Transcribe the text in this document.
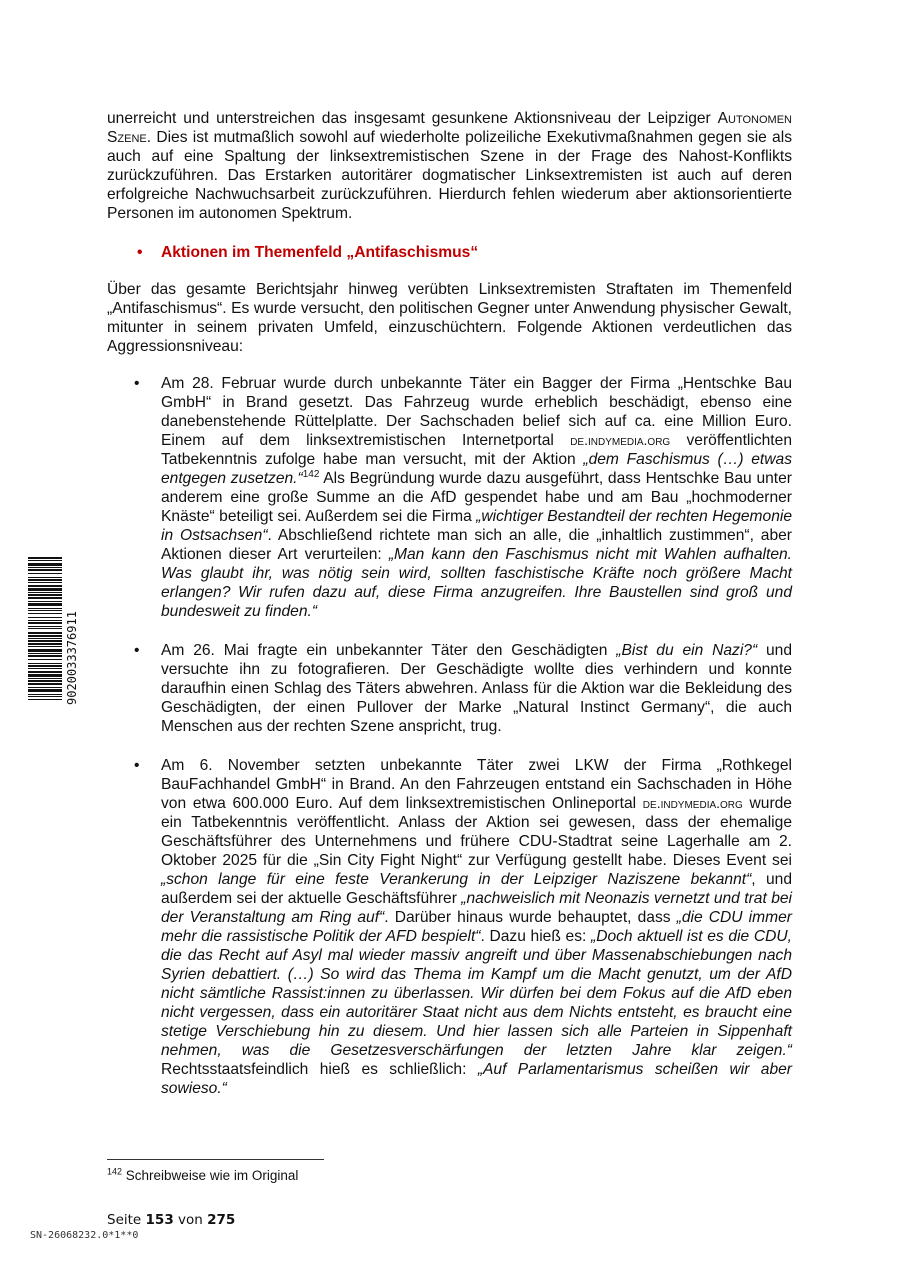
unerreicht und unterstreichen das insgesamt gesunkene Aktionsniveau der Leipziger Autonomen Szene. Dies ist mutmaßlich sowohl auf wiederholte polizeiliche Exekutivmaßnahmen gegen sie als auch auf eine Spaltung der linksextremistischen Szene in der Frage des Nahost-Konflikts zurückzuführen. Das Erstarken autoritärer dogmatischer Linksextremisten ist auch auf deren erfolgreiche Nachwuchsarbeit zurückzuführen. Hierdurch fehlen wiederum aber aktionsorientierte Personen im autonomen Spektrum.

• Aktionen im Themenfeld „Antifaschismus“

Über das gesamte Berichtsjahr hinweg verübten Linksextremisten Straftaten im Themenfeld „Antifaschismus“. Es wurde versucht, den politischen Gegner unter Anwendung physischer Gewalt, mitunter in seinem privaten Umfeld, einzuschüchtern. Folgende Aktionen verdeutlichen das Aggressionsniveau:

• Am 28. Februar wurde durch unbekannte Täter ein Bagger der Firma „Hentschke Bau GmbH“ in Brand gesetzt. Das Fahrzeug wurde erheblich beschädigt, ebenso eine danebenstehende Rüttelplatte. Der Sachschaden belief sich auf ca. eine Million Euro. Einem auf dem linksextremistischen Internetportal de.indymedia.org veröffentlichten Tatbekenntnis zufolge habe man versucht, mit der Aktion „dem Faschismus (…) etwas entgegen zusetzen.“$^{142}$ Als Begründung wurde dazu ausgeführt, dass Hentschke Bau unter anderem eine große Summe an die AfD gespendet habe und am Bau „hochmoderner Knäste“ beteiligt sei. Außerdem sei die Firma „wichtiger Bestandteil der rechten Hegemonie in Ostsachsen“. Abschließend richtete man sich an alle, die „inhaltlich zustimmen“, aber Aktionen dieser Art verurteilen: „Man kann den Faschismus nicht mit Wahlen aufhalten. Was glaubt ihr, was nötig sein wird, sollten faschistische Kräfte noch größere Macht erlangen? Wir rufen dazu auf, diese Firma anzugreifen. Ihre Baustellen sind groß und bundesweit zu finden.“
• Am 26. Mai fragte ein unbekannter Täter den Geschädigten „Bist du ein Nazi?“ und versuchte ihn zu fotografieren. Der Geschädigte wollte dies verhindern und konnte daraufhin einen Schlag des Täters abwehren. Anlass für die Aktion war die Bekleidung des Geschädigten, der einen Pullover der Marke „Natural Instinct Germany“, die auch Menschen aus der rechten Szene anspricht, trug.
• Am 6. November setzten unbekannte Täter zwei LKW der Firma „Rothkegel BauFachhandel GmbH“ in Brand. An den Fahrzeugen entstand ein Sachschaden in Höhe von etwa 600.000 Euro. Auf dem linksextremistischen Onlineportal de.indymedia.org wurde ein Tatbekenntnis veröffentlicht. Anlass der Aktion sei gewesen, dass der ehemalige Geschäftsführer des Unternehmens und frühere CDU-Stadtrat seine Lagerhalle am 2. Oktober 2025 für die „Sin City Fight Night“ zur Verfügung gestellt habe. Dieses Event sei „schon lange für eine feste Verankerung in der Leipziger Naziszene bekannt“, und außerdem sei der aktuelle Geschäftsführer „nachweislich mit Neonazis vernetzt und trat bei der Veranstaltung am Ring auf“. Darüber hinaus wurde behauptet, dass „die CDU immer mehr die rassistische Politik der AFD bespielt“. Dazu hieß es: „Doch aktuell ist es die CDU, die das Recht auf Asyl mal wieder massiv angreift und über Massenabschiebungen nach Syrien debattiert. (…) So wird das Thema im Kampf um die Macht genutzt, um der AfD nicht sämtliche Rassist:innen zu überlassen. Wir dürfen bei dem Fokus auf die AfD eben nicht vergessen, dass ein autoritärer Staat nicht aus dem Nichts entsteht, es braucht eine stetige Verschiebung hin zu diesem. Und hier lassen sich alle Parteien in Sippenhaft nehmen, was die Gesetzesverschärfungen der letzten Jahre klar zeigen.“ Rechtsstaatsfeindlich hieß es schließlich: „Auf Parlamentarismus scheißen wir aber sowieso.“
$^{142}$ Schreibweise wie im Original
Seite 153 von 275
SN-26068232.0*1**0
9020033376911
